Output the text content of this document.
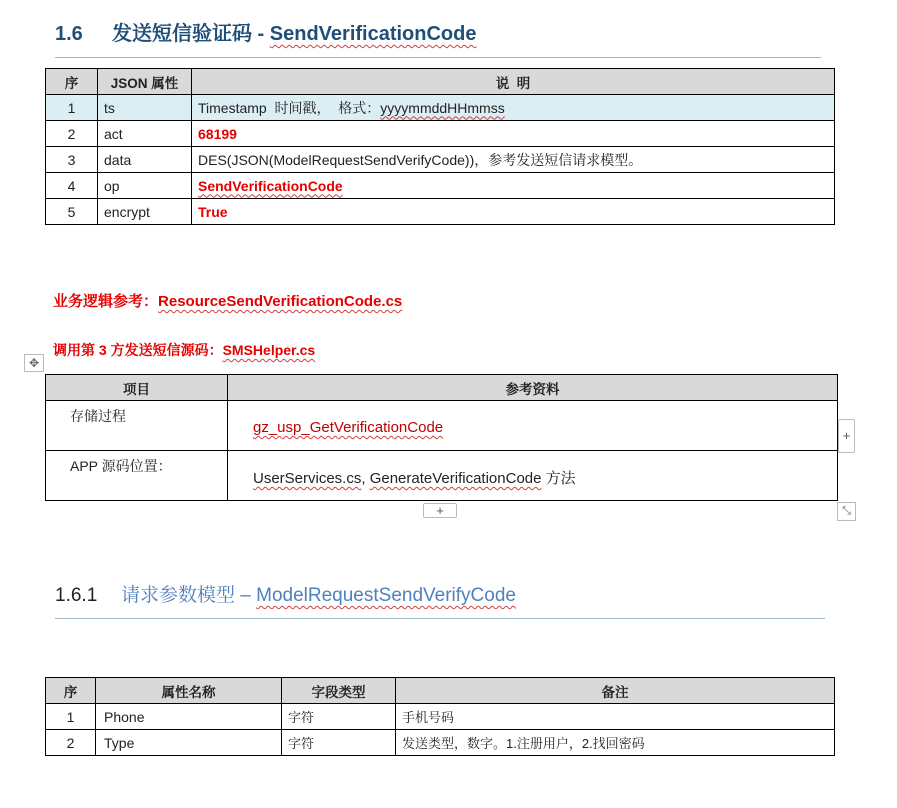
1.6 发送短信验证码 - SendVerificationCode
序	JSON 属性	说  明
1	ts	Timestamp  时间戳，  格式：yyyymmddHHmmss
2	act	68199
3	data	DES(JSON(ModelRequestSendVerifyCode))，参考发送短信请求模型。
4	op	SendVerificationCode
5	encrypt	True
业务逻辑参考：ResourceSendVerificationCode.cs
调用第 3 方发送短信源码：SMSHelper.cs
✥
项目	参考资料
存储过程	gz_usp_GetVerificationCode
APP 源码位置：	UserServices.cs, GenerateVerificationCode 方法
+
+	⤡
1.6.1 请求参数模型 – ModelRequestSendVerifyCode
序	属性名称	字段类型	备注
1	Phone	字符	手机号码
2	Type	字符	发送类型，数字。1.注册用户，2.找回密码
